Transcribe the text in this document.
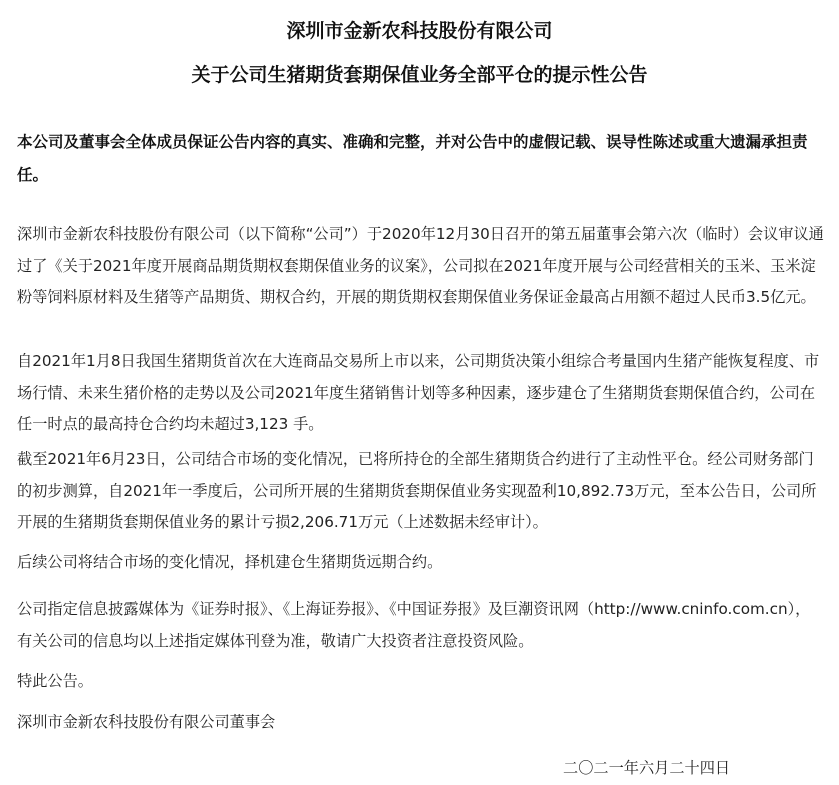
深圳市金新农科技股份有限公司
关于公司生猪期货套期保值业务全部平仓的提示性公告
本公司及董事会全体成员保证公告内容的真实、准确和完整，并对公告中的虚假记载、误导性陈述或重大遗漏承担责任。

深圳市金新农科技股份有限公司（以下简称“公司”）于2020年12月30日召开的第五届董事会第六次（临时）会议审议通过了《关于2021年度开展商品期货期权套期保值业务的议案》，公司拟在2021年度开展与公司经营相关的玉米、玉米淀粉等饲料原材料及生猪等产品期货、期权合约，开展的期货期权套期保值业务保证金最高占用额不超过人民币3.5亿元。

自2021年1月8日我国生猪期货首次在大连商品交易所上市以来，公司期货决策小组综合考量国内生猪产能恢复程度、市场行情、未来生猪价格的走势以及公司2021年度生猪销售计划等多种因素，逐步建仓了生猪期货套期保值合约，公司在任一时点的最高持仓合约均未超过3,123 手。

截至2021年6月23日，公司结合市场的变化情况，已将所持仓的全部生猪期货合约进行了主动性平仓。经公司财务部门的初步测算，自2021年一季度后，公司所开展的生猪期货套期保值业务实现盈利10,892.73万元，至本公告日，公司所开展的生猪期货套期保值业务的累计亏损2,206.71万元（上述数据未经审计）。

后续公司将结合市场的变化情况，择机建仓生猪期货远期合约。

公司指定信息披露媒体为《证券时报》、《上海证券报》、《中国证券报》及巨潮资讯网（http://www.cninfo.com.cn），有关公司的信息均以上述指定媒体刊登为准，敬请广大投资者注意投资风险。

特此公告。

深圳市金新农科技股份有限公司董事会

二〇二一年六月二十四日
